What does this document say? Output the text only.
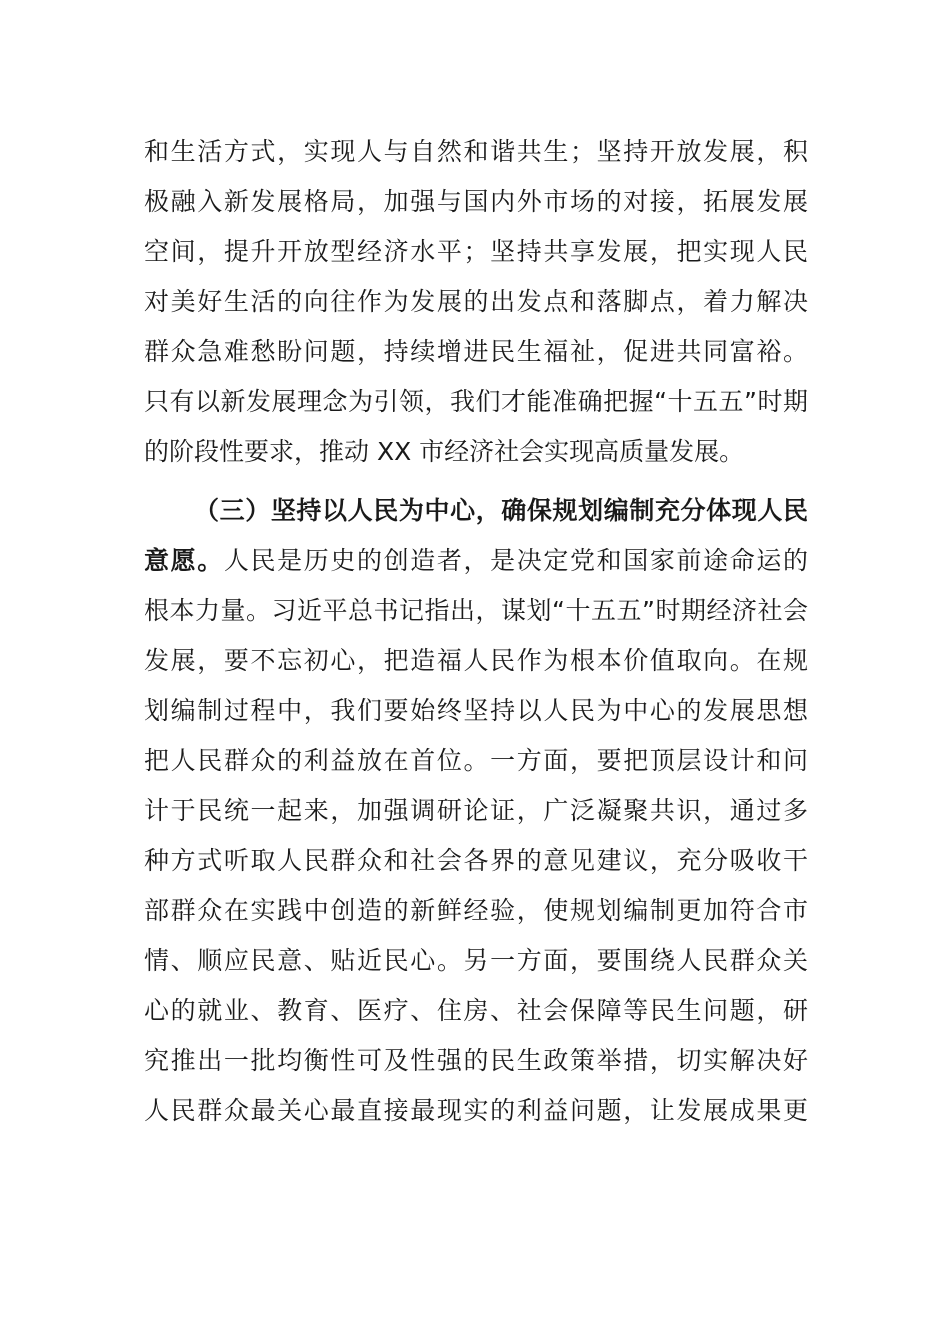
和生活方式，实现人与自然和谐共生；坚持开放发展，积
极融入新发展格局，加强与国内外市场的对接，拓展发展
空间，提升开放型经济水平；坚持共享发展，把实现人民
对美好生活的向往作为发展的出发点和落脚点，着力解决
群众急难愁盼问题，持续增进民生福祉，促进共同富裕。
只有以新发展理念为引领，我们才能准确把握“十五五”时期
的阶段性要求，推动 XX 市经济社会实现高质量发展。
（三）坚持以人民为中心，确保规划编制充分体现人民
意愿。人民是历史的创造者，是决定党和国家前途命运的
根本力量。习近平总书记指出，谋划“十五五”时期经济社会
发展，要不忘初心，把造福人民作为根本价值取向。在规
划编制过程中，我们要始终坚持以人民为中心的发展思想
把人民群众的利益放在首位。一方面，要把顶层设计和问
计于民统一起来，加强调研论证，广泛凝聚共识，通过多
种方式听取人民群众和社会各界的意见建议，充分吸收干
部群众在实践中创造的新鲜经验，使规划编制更加符合市
情、顺应民意、贴近民心。另一方面，要围绕人民群众关
心的就业、教育、医疗、住房、社会保障等民生问题，研
究推出一批均衡性可及性强的民生政策举措，切实解决好
人民群众最关心最直接最现实的利益问题，让发展成果更
